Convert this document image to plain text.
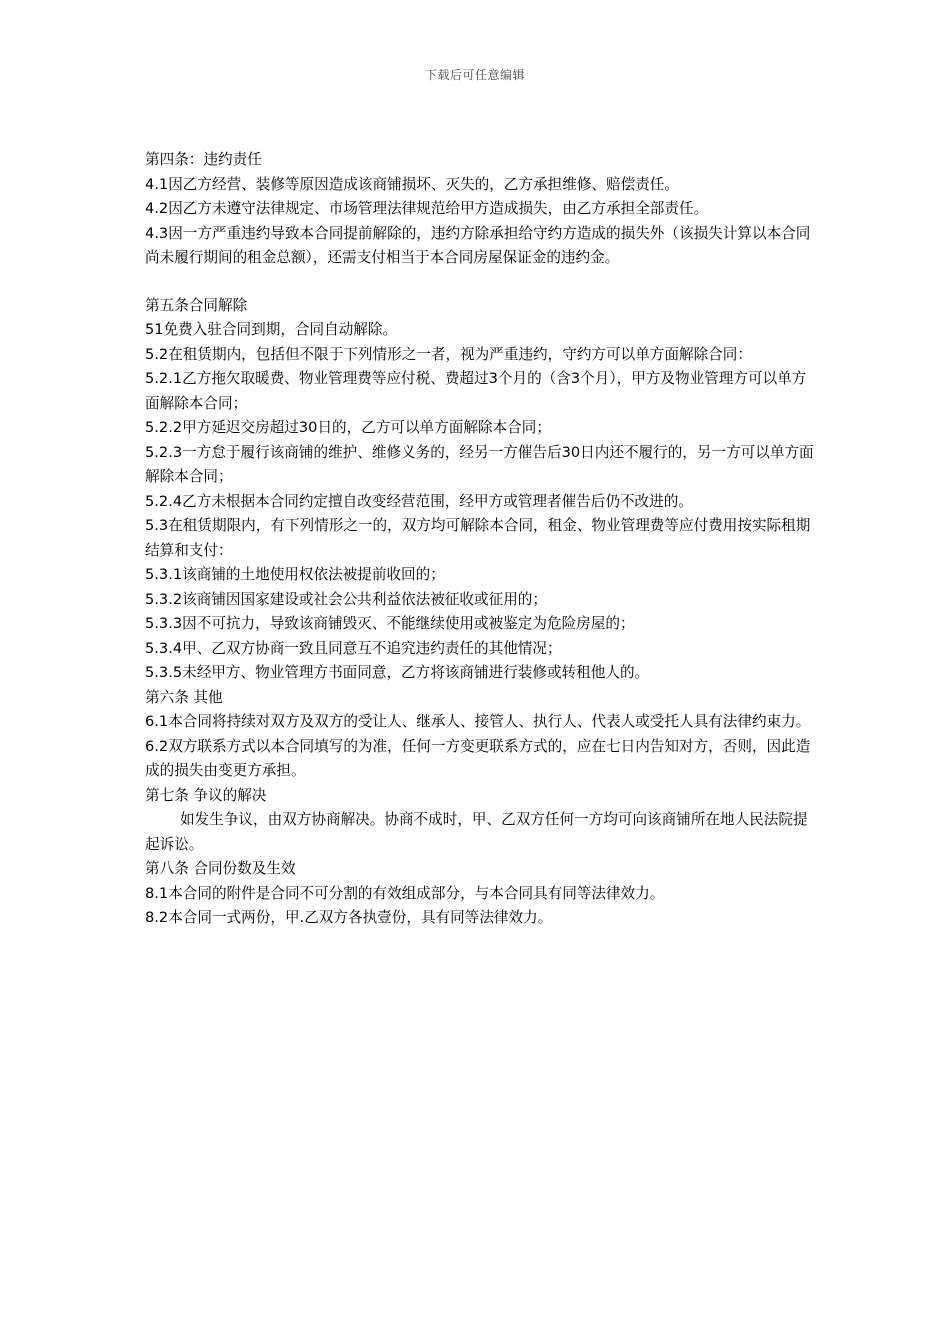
下载后可任意编辑

第四条：违约责任

4.1因乙方经营、装修等原因造成该商铺损坏、灭失的，乙方承担维修、赔偿责任。

4.2因乙方未遵守法律规定、市场管理法律规范给甲方造成损失，由乙方承担全部责任。

4.3因一方严重违约导致本合同提前解除的，违约方除承担给守约方造成的损失外（该损失计算以本合同尚未履行期间的租金总额），还需支付相当于本合同房屋保证金的违约金。

第五条合同解除

51免费入驻合同到期，合同自动解除。

5.2在租赁期内，包括但不限于下列情形之一者，视为严重违约，守约方可以单方面解除合同：

5.2.1乙方拖欠取暖费、物业管理费等应付税、费超过3个月的（含3个月），甲方及物业管理方可以单方面解除本合同；

5.2.2甲方延迟交房超过30日的，乙方可以单方面解除本合同；

5.2.3一方怠于履行该商铺的维护、维修义务的，经另一方催告后30日内还不履行的，另一方可以单方面解除本合同；

5.2.4乙方未根据本合同约定擅自改变经营范围，经甲方或管理者催告后仍不改进的。

5.3在租赁期限内，有下列情形之一的，双方均可解除本合同，租金、物业管理费等应付费用按实际租期结算和支付：

5.3.1该商铺的土地使用权依法被提前收回的；

5.3.2该商铺因国家建设或社会公共利益依法被征收或征用的；

5.3.3因不可抗力，导致该商铺毁灭、不能继续使用或被鉴定为危险房屋的；

5.3.4甲、乙双方协商一致且同意互不追究违约责任的其他情况；

5.3.5未经甲方、物业管理方书面同意，乙方将该商铺进行装修或转租他人的。

第六条 其他

6.1本合同将持续对双方及双方的受让人、继承人、接管人、执行人、代表人或受托人具有法律约束力。

6.2双方联系方式以本合同填写的为准，任何一方变更联系方式的，应在七日内告知对方，否则，因此造成的损失由变更方承担。

第七条 争议的解决

如发生争议，由双方协商解决。协商不成时，甲、乙双方任何一方均可向该商铺所在地人民法院提起诉讼。

第八条 合同份数及生效

8.1本合同的附件是合同不可分割的有效组成部分，与本合同具有同等法律效力。

8.2本合同一式两份，甲.乙双方各执壹份，具有同等法律效力。
